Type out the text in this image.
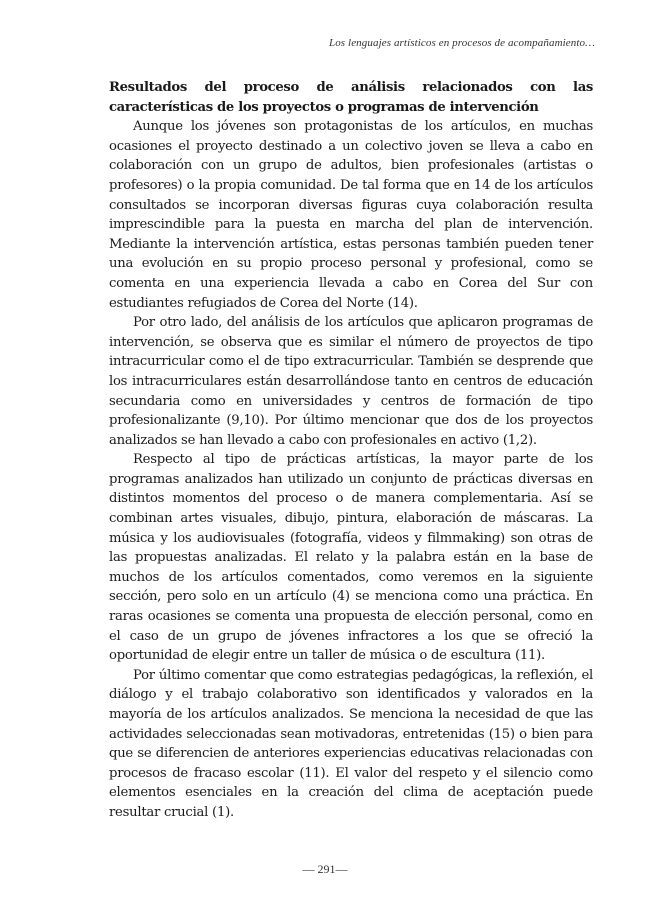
Los lenguajes artísticos en procesos de acompañamiento…

Resultados del proceso de análisis relacionados con las características de los proyectos o programas de intervención

Aunque los jóvenes son protagonistas de los artículos, en muchas ocasiones el proyecto destinado a un colectivo joven se lleva a cabo en colaboración con un grupo de adultos, bien profesionales (artistas o profesores) o la propia comunidad. De tal forma que en 14 de los artículos consultados se incorporan diversas figuras cuya colaboración resulta imprescindible para la puesta en marcha del plan de intervención. Mediante la intervención artística, estas personas también pueden tener una evolución en su propio proceso personal y profesional, como se comenta en una experiencia llevada a cabo en Corea del Sur con estudiantes refugiados de Corea del Norte (14).

Por otro lado, del análisis de los artículos que aplicaron programas de intervención, se observa que es similar el número de proyectos de tipo intracurricular como el de tipo extracurricular. También se desprende que los intracurriculares están desarrollándose tanto en centros de educación secundaria como en universidades y centros de formación de tipo profesionalizante (9,10). Por último mencionar que dos de los proyectos analizados se han llevado a cabo con profesionales en activo (1,2).

Respecto al tipo de prácticas artísticas, la mayor parte de los programas analizados han utilizado un conjunto de prácticas diversas en distintos momentos del proceso o de manera complementaria. Así se combinan artes visuales, dibujo, pintura, elaboración de máscaras. La música y los audiovisuales (fotografía, videos y filmmaking) son otras de las propuestas analizadas. El relato y la palabra están en la base de muchos de los artículos comentados, como veremos en la siguiente sección, pero solo en un artículo (4) se menciona como una práctica. En raras ocasiones se comenta una propuesta de elección personal, como en el caso de un grupo de jóvenes infractores a los que se ofreció la oportunidad de elegir entre un taller de música o de escultura (11).

Por último comentar que como estrategias pedagógicas, la reflexión, el diálogo y el trabajo colaborativo son identificados y valorados en la mayoría de los artículos analizados. Se menciona la necesidad de que las actividades seleccionadas sean motivadoras, entretenidas (15) o bien para que se diferencien de anteriores experiencias educativas relacionadas con procesos de fracaso escolar (11). El valor del respeto y el silencio como elementos esenciales en la creación del clima de aceptación puede resultar crucial (1).

— 291—
